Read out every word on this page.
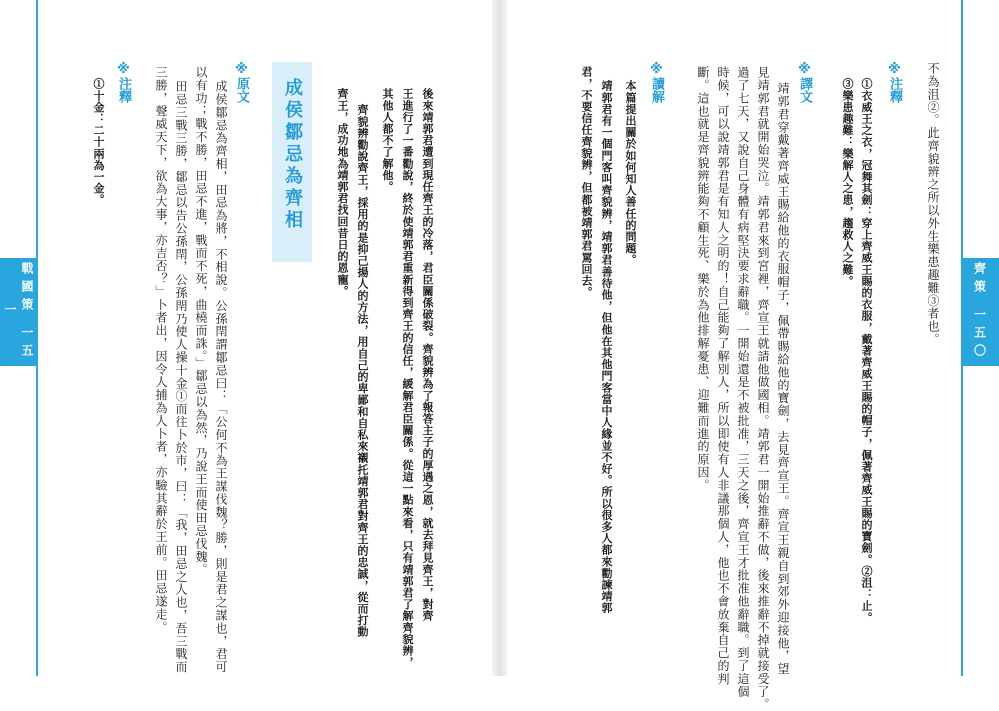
戰國策 一五一	後來靖郭君遭到現任齊王的冷落，君臣關係破裂。齊貌辨為了報答主子的厚遇之恩，就去拜見齊王，對齊
王進行了一番勸說，終於使靖郭君重新得到齊王的信任，緩解君臣關係。從這一點來看，只有靖郭君了解齊貌辨，
其他人都不了解他。
齊貌辨勸說齊王，採用的是抑己揚人的方法，用自己的卑鄙和自私來襯托靖郭君對齊王的忠誠，從而打動
齊王，成功地為靖郭君找回昔日的恩寵。
成侯鄒忌為齊相
※原文
成侯鄒忌為齊相，田忌為將，不相說。公孫閈謂鄒忌曰：「公何不為王謀伐魏？勝，則是君之謀也，君可
以有功；戰不勝，田忌不進，戰而不死，曲橈而誅。」鄒忌以為然，乃說王而使田忌伐魏。
田忌三戰三勝，鄒忌以告公孫閈，公孫閈乃使人操十金①而往卜於市，曰：「我，田忌之人也，吾三戰而
三勝，聲威天下，欲為大事，亦吉否？」卜者出，因令人捕為人卜者，亦驗其辭於王前。田忌遂走。
※注釋
①十金：二十兩為一金。
齊策 一五〇
不為沮②。此齊貌辨之所以外生樂患趣難③者也。
※注釋
①衣威王之衣，冠舞其劍：穿上齊威王賜的衣服，戴著齊威王賜的帽子，佩著齊威王賜的寶劍。②沮：止。
③樂患趣難：樂解人之患，趨救人之難。
※譯文
靖郭君穿戴著齊威王賜給他的衣服帽子，佩帶賜給他的寶劍，去見齊宣王。齊宣王親自到郊外迎接他，望
見靖郭君就開始哭泣。靖郭君來到宮裡，齊宣王就請他做國相。靖郭君一開始推辭不做，後來推辭不掉就接受了。
過了七天，又說自己身體有病堅決要求辭職。一開始還是不被批准，三天之後，齊宣王才批准他辭職。到了這個
時候，可以說靖郭君是有知人之明的！自己能夠了解別人，所以即使有人非議那個人，他也不會放棄自己的判
斷。這也就是齊貌辨能夠不顧生死、樂於為他排解憂患、迎難而進的原因。
※讀解
本篇提出關於如何知人善任的問題。
靖郭君有一個門客叫齊貌辨，靖郭君善待他，但他在其他門客當中人緣並不好。所以很多人都來勸諫靖郭
君，不要信任齊貌辨，但都被靖郭君罵回去。
